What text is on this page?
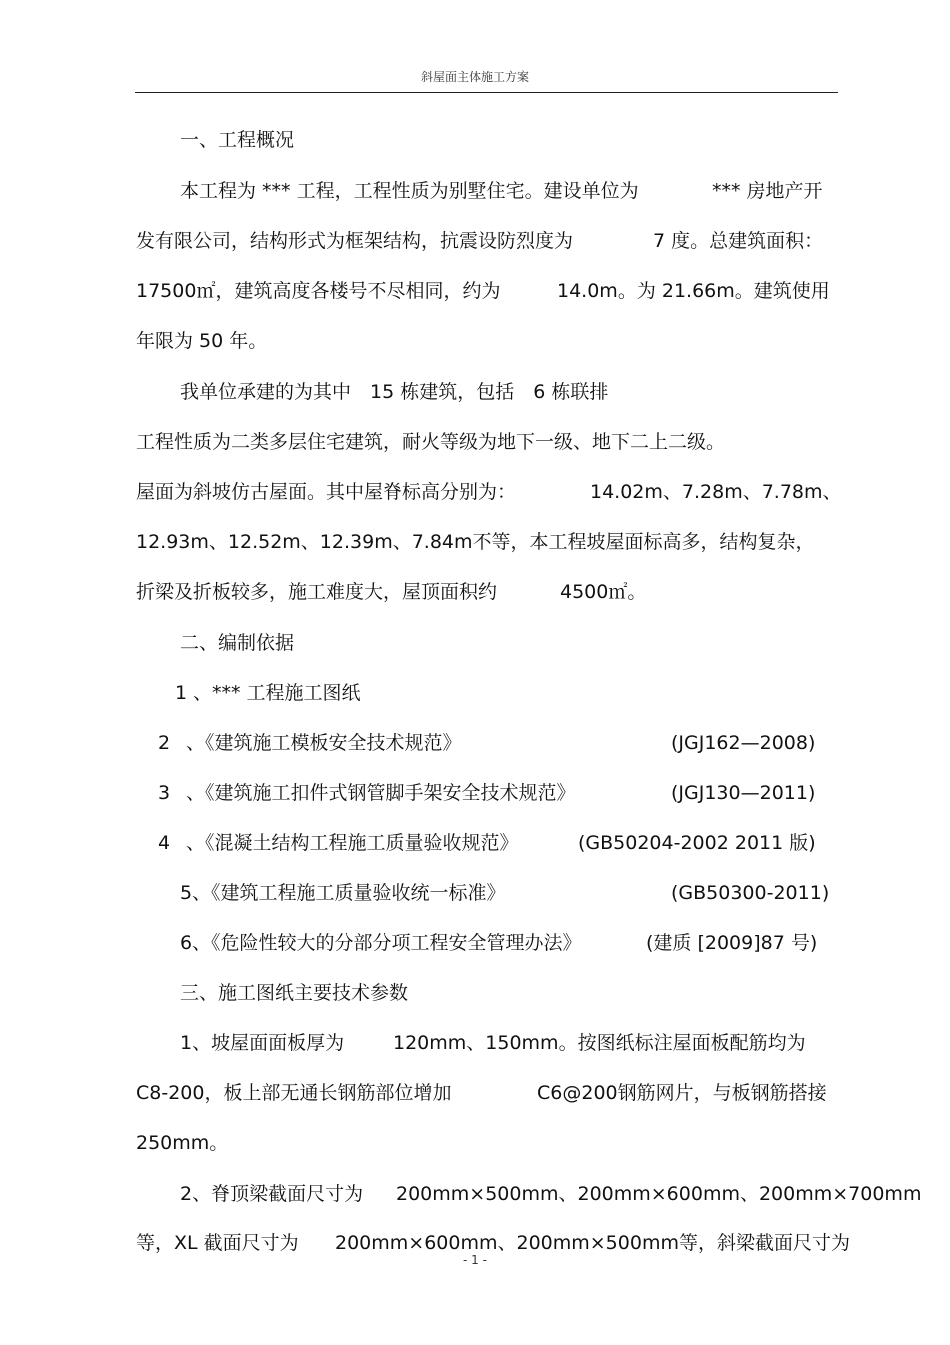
斜屋面主体施工方案
一、工程概况
本工程为 *** 工程，工程性质为别墅住宅。建设单位为	*** 房地产开
发有限公司，结构形式为框架结构，抗震设防烈度为	7 度。总建筑面积：
17500㎡，建筑高度各楼号不尽相同，约为	14.0m。为 21.66m。建筑使用
年限为 50 年。
我单位承建的为其中　15 栋建筑，包括　6 栋联排
工程性质为二类多层住宅建筑，耐火等级为地下一级、地下二上二级。
屋面为斜坡仿古屋面。其中屋脊标高分别为：	14.02m、7.28m、7.78m、
12.93m、12.52m、12.39m、7.84m不等，本工程坡屋面标高多，结构复杂，
折梁及折板较多，施工难度大，屋顶面积约	4500㎡。
二、编制依据
1 、*** 工程施工图纸
2 、《建筑施工模板安全技术规范》	(JGJ162—2008)
3 、《建筑施工扣件式钢管脚手架安全技术规范》	(JGJ130—2011)
4 、《混凝土结构工程施工质量验收规范》	(GB50204-2002 2011 版)
5 、《建筑工程施工质量验收统一标准》	(GB50300-2011)
6 、《危险性较大的分部分项工程安全管理办法》	(建质 [2009]87 号)
三、施工图纸主要技术参数
1、坡屋面面板厚为	120mm、150mm。按图纸标注屋面板配筋均为
C8-200，板上部无通长钢筋部位增加	C6@200钢筋网片，与板钢筋搭接
250mm。
2、脊顶梁截面尺寸为 200mm×500mm、200mm×600mm、200mm×700mm
等，XL 截面尺寸为 200mm×600mm、200mm×500mm等，斜梁截面尺寸为
- 1 -
